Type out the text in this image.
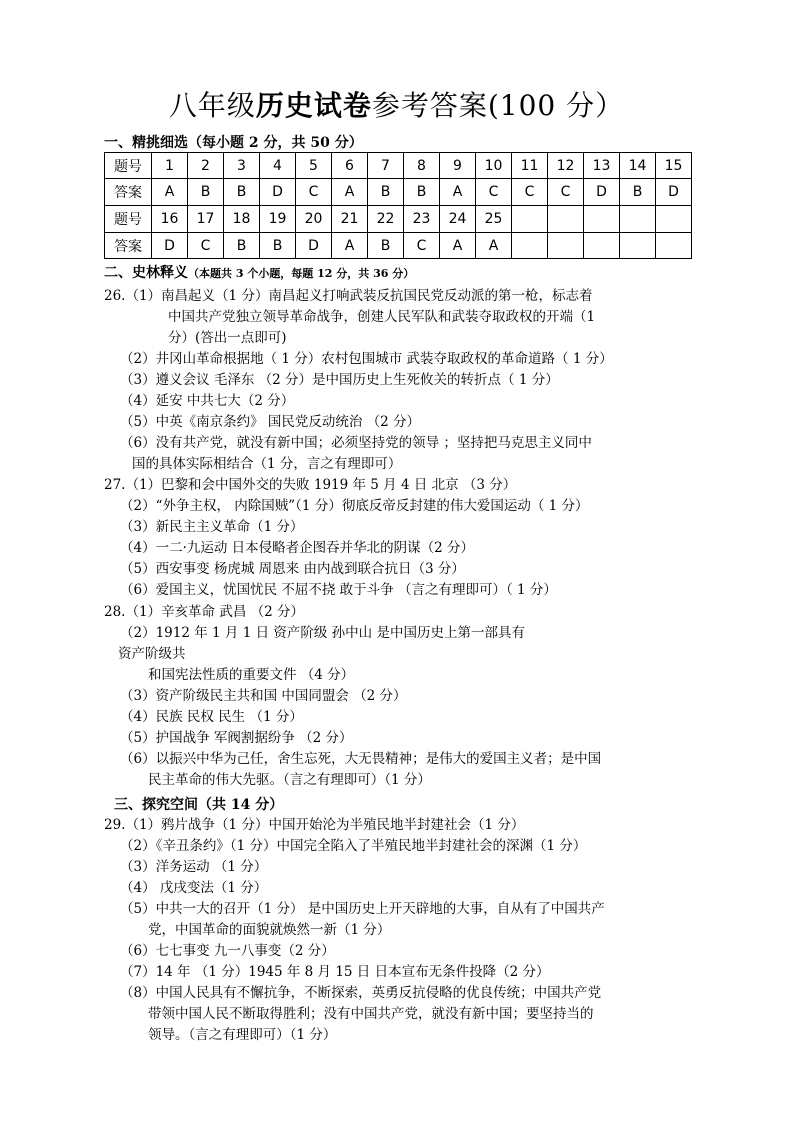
八年级历史试卷参考答案(100 分）
一、精挑细选（每小题 2 分，共 50 分）
题号	1	2	3	4	5	6	7	8	9	10	11	12	13	14	15
答案	A	B	B	D	C	A	B	B	A	C	C	C	D	B	D
题号	16	17	18	19	20	21	22	23	24	25					
答案	D	C	B	B	D	A	B	C	A	A					
二、史林释义（本题共 3 个小题，每题 12 分，共 36 分）
26.（1）南昌起义（1 分）南昌起义打响武装反抗国民党反动派的第一枪，标志着
中国共产党独立领导革命战争，创建人民军队和武装夺取政权的开端（1
分）(答出一点即可)
（2）井冈山革命根据地（ 1 分）农村包围城市 武装夺取政权的革命道路（ 1 分）
（3）遵义会议 毛泽东 （2 分）是中国历史上生死攸关的转折点（ 1 分）
（4）延安 中共七大（2 分）
（5）中英《南京条约》 国民党反动统治 （2 分）
（6）没有共产党，就没有新中国；必须坚持党的领导 ；坚持把马克思主义同中
国的具体实际相结合（1 分，言之有理即可）
27.（1）巴黎和会中国外交的失败 1919 年 5 月 4 日 北京 （3 分）
（2）“外争主权， 内除国贼”（1 分）彻底反帝反封建的伟大爱国运动（ 1 分）
（3）新民主主义革命（1 分）
（4）一二·九运动 日本侵略者企图吞并华北的阴谋（2 分）
（5）西安事变 杨虎城 周恩来 由内战到联合抗日（3 分）
（6）爱国主义，忧国忧民 不屈不挠 敢于斗争 （言之有理即可）（ 1 分）
28.（1）辛亥革命 武昌 （2 分）
（2）1912 年 1 月 1 日 资产阶级 孙中山 是中国历史上第一部具有
资产阶级共
和国宪法性质的重要文件 （4 分）
（3）资产阶级民主共和国 中国同盟会 （2 分）
（4）民族 民权 民生 （1 分）
（5）护国战争 军阀割据纷争 （2 分）
（6）以振兴中华为己任，舍生忘死，大无畏精神；是伟大的爱国主义者；是中国
民主革命的伟大先驱。（言之有理即可）（1 分）
三、探究空间（共 14 分）
29.（1）鸦片战争（1 分）中国开始沦为半殖民地半封建社会（1 分）
（2）《辛丑条约》（1 分）中国完全陷入了半殖民地半封建社会的深渊（1 分）
（3）洋务运动 （1 分）
（4） 戊戌变法（1 分）
（5）中共一大的召开（1 分） 是中国历史上开天辟地的大事，自从有了中国共产
党，中国革命的面貌就焕然一新（1 分）
（6）七七事变 九一八事变（2 分）
（7）14 年 （1 分）1945 年 8 月 15 日 日本宣布无条件投降（2 分）
（8）中国人民具有不懈抗争，不断探索，英勇反抗侵略的优良传统；中国共产党
带领中国人民不断取得胜利；没有中国共产党，就没有新中国；要坚持当的
领导。（言之有理即可）（1 分）
